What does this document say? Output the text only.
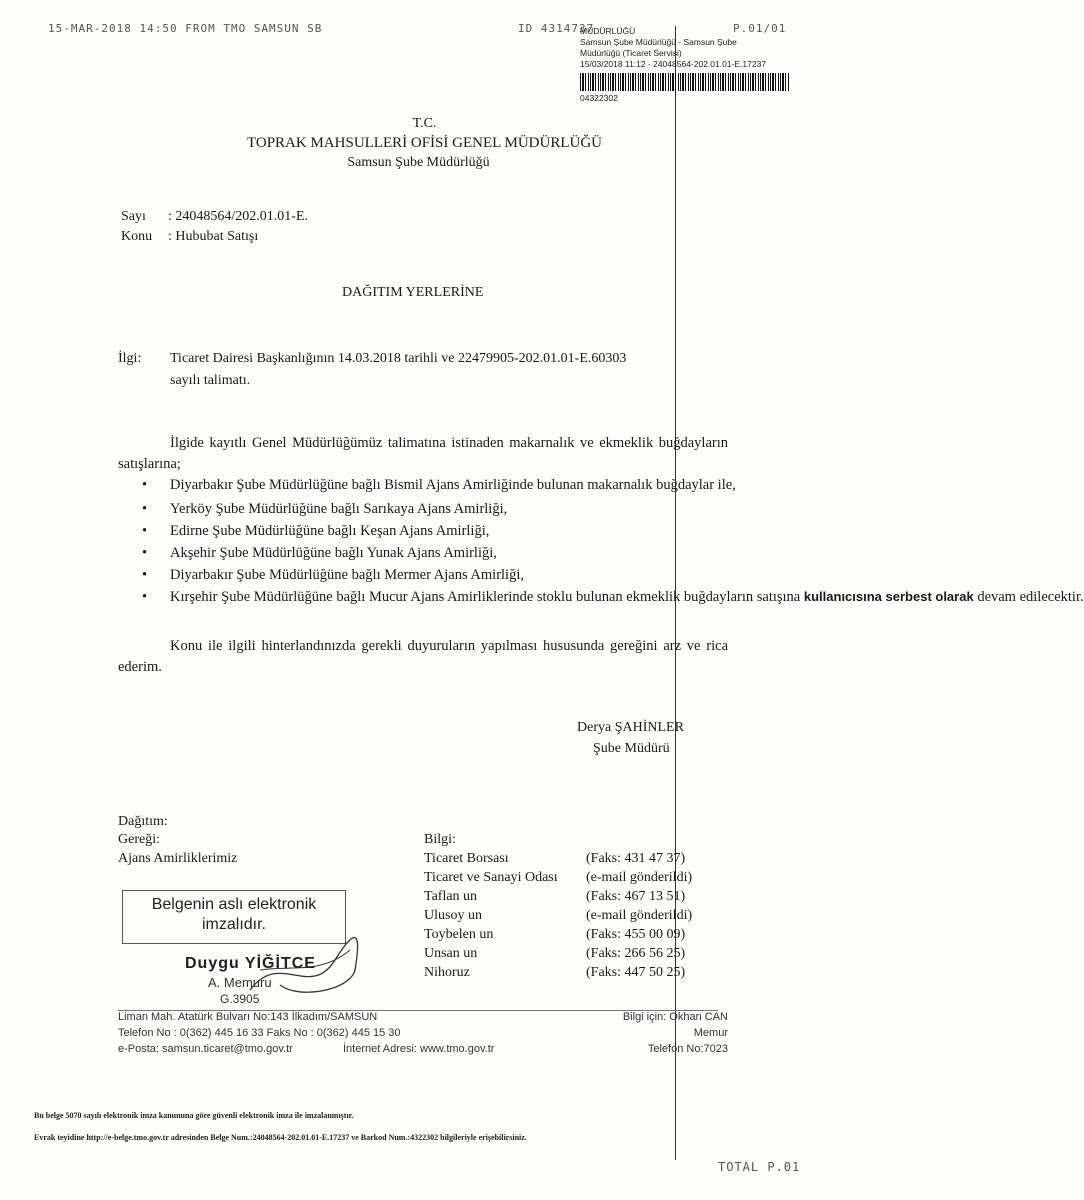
15-MAR-2018 14:50 FROM TMO SAMSUN SB	ID 4314737	P.01/01
MÜDÜRLÜĞÜ
Samsun Şube Müdürlüğü - Samsun Şube
Müdürlüğü (Ticaret Servisi)
15/03/2018 11:12 - 24048564-202.01.01-E.17237
04322302
T.C.
TOPRAK MAHSULLERİ OFİSİ GENEL MÜDÜRLÜĞÜ
Samsun Şube Müdürlüğü
Sayı : 24048564/202.01.01-E.
Konu : Hububat Satışı
DAĞITIM YERLERİNE
İlgi: Ticaret Dairesi Başkanlığının 14.03.2018 tarihli ve 22479905-202.01.01-E.60303
sayılı talimatı.
İlgide kayıtlı Genel Müdürlüğümüz talimatına istinaden makarnalık ve ekmeklik buğdayların satışlarına;
• Diyarbakır Şube Müdürlüğüne bağlı Bismil Ajans Amirliğinde bulunan makarnalık buğdaylar ile,
• Yerköy Şube Müdürlüğüne bağlı Sarıkaya Ajans Amirliği,
• Edirne Şube Müdürlüğüne bağlı Keşan Ajans Amirliği,
• Akşehir Şube Müdürlüğüne bağlı Yunak Ajans Amirliği,
• Diyarbakır Şube Müdürlüğüne bağlı Mermer Ajans Amirliği,
• Kırşehir Şube Müdürlüğüne bağlı Mucur Ajans Amirliklerinde stoklu bulunan ekmeklik buğdayların satışına kullanıcısına serbest olarak devam edilecektir.
Konu ile ilgili hinterlandınızda gerekli duyuruların yapılması hususunda gereğini arz ve rica ederim.
Derya ŞAHİNLER
Şube Müdürü
Dağıtım:
Gereği:
Ajans Amirliklerimiz
Bilgi:
Ticaret Borsası	(Faks: 431 47 37)
Ticaret ve Sanayi Odası (e-mail gönderildi)
Taflan un	(Faks: 467 13 51)
Ulusoy un	(e-mail gönderildi)
Toybelen un	(Faks: 455 00 09)
Unsan un	(Faks: 266 56 25)
Nihoruz	(Faks: 447 50 25)
Belgenin aslı elektronik
imzalıdır.
Duygu YİĞİTCE
A. Memuru
G.3905
Liman Mah. Atatürk Bulvarı No:143 İlkadım/SAMSUN
Telefon No : 0(362) 445 16 33 Faks No : 0(362) 445 15 30
e-Posta: samsun.ticaret@tmo.gov.tr	İnternet Adresi: www.tmo.gov.tr
Bilgi için: Okhan CAN
Memur
Telefon No:7023
Bu belge 5070 sayılı elektronik imza kanununa göre güvenli elektronik imza ile imzalanmıştır.
Evrak teyidine http://e-belge.tmo.gov.tr adresinden Belge Num.:24048564-202.01.01-E.17237 ve Barkod Num.:4322302 bilgileriyle erişebilirsiniz.
TOTAL P.01
